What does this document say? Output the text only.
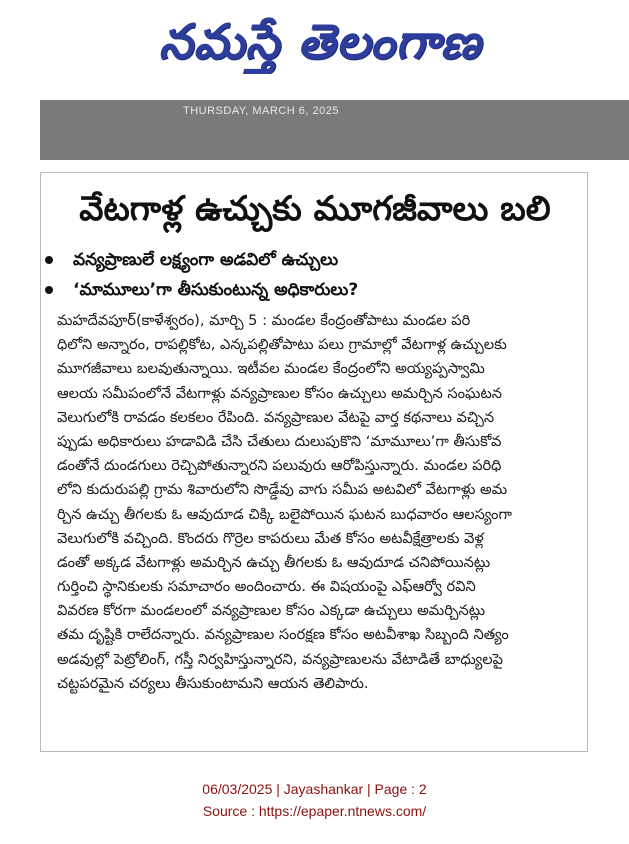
నమస్తే తెలంగాణ
THURSDAY, MARCH 6, 2025
వేటగాళ్ల ఉచ్చుకు మూగజీవాలు బలి
వన్యప్రాణులే లక్ష్యంగా అడవిలో ఉచ్చులు
‘మామూలు’గా తీసుకుంటున్న అధికారులు?
మహదేవపూర్(కాళేశ్వరం), మార్చి 5 : మండల కేంద్రంతోపాటు మండల పరి
ధిలోని అన్నారం, రాపల్లికోట, ఎన్కపల్లితోపాటు పలు గ్రామాల్లో వేటగాళ్ల ఉచ్చులకు
మూగజీవాలు బలవుతున్నాయి. ఇటీవల మండల కేంద్రంలోని అయ్యప్పస్వామి
ఆలయ సమీపంలోనే వేటగాళ్లు వన్యప్రాణుల కోసం ఉచ్చులు అమర్చిన సంఘటన
వెలుగులోకి రావడం కలకలం రేపింది. వన్యప్రాణుల వేటపై వార్త కథనాలు వచ్చిన
ప్పుడు అధికారులు హడావిడి చేసి చేతులు దులుపుకొని ‘మామూలు’గా తీసుకోవ
డంతోనే దుండగులు రెచ్చిపోతున్నారని పలువురు ఆరోపిస్తున్నారు. మండల పరిధి
లోని కుదురుపల్లి గ్రామ శివారులోని సొడ్డేవు వాగు సమీప అటవిలో వేటగాళ్లు అమ
ర్చిన ఉచ్చు తీగలకు ఓ ఆవుదూడ చిక్కి బలైపోయిన ఘటన బుధవారం ఆలస్యంగా
వెలుగులోకి వచ్చింది. కొందరు గొర్రెల కాపరులు మేత కోసం అటవీక్షేత్రాలకు వెళ్ల
డంతో అక్కడ వేటగాళ్లు అమర్చిన ఉచ్చు తీగలకు ఓ ఆవుదూడ చనిపోయినట్లు
గుర్తించి స్థానికులకు సమాచారం అందించారు. ఈ విషయంపై ఎఫ్ఆర్వో రవిని
వివరణ కోరగా మండలంలో వన్యప్రాణుల కోసం ఎక్కడా ఉచ్చులు అమర్చినట్లు
తమ దృష్టికి రాలేదన్నారు. వన్యప్రాణుల సంరక్షణ కోసం అటవీశాఖ సిబ్బంది నిత్యం
అడవుల్లో పెట్రోలింగ్, గస్తీ నిర్వహిస్తున్నారని, వన్యప్రాణులను వేటాడితే బాధ్యులపై
చట్టపరమైన చర్యలు తీసుకుంటామని ఆయన తెలిపారు.
06/03/2025 | Jayashankar | Page : 2
Source : https://epaper.ntnews.com/
